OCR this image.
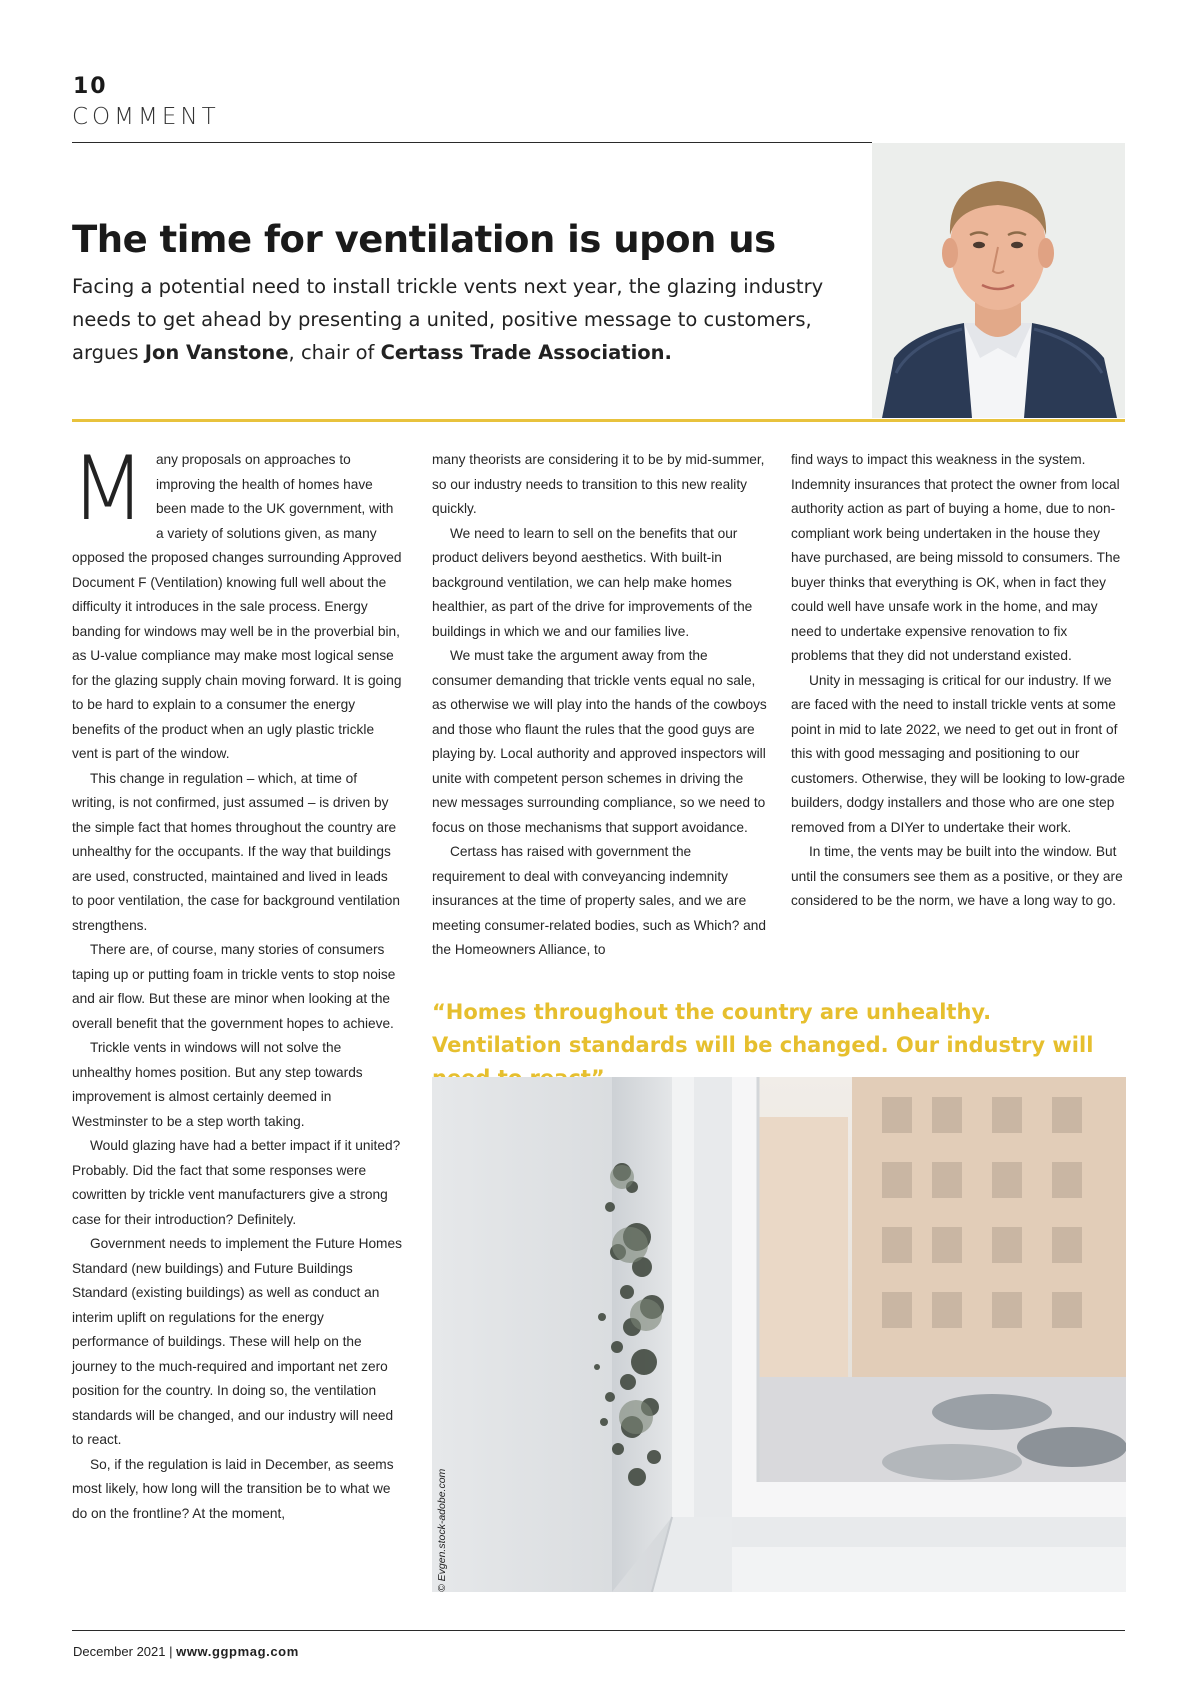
10
COMMENT
The time for ventilation is upon us
Facing a potential need to install trickle vents next year, the glazing industry needs to get ahead by presenting a united, positive message to customers, argues Jon Vanstone, chair of Certass Trade Association.

Many proposals on approaches to improving the health of homes have been made to the UK government, with a variety of solutions given, as many opposed the proposed changes surrounding Approved Document F (Ventilation) knowing full well about the difficulty it introduces in the sale process. Energy banding for windows may well be in the proverbial bin, as U-value compliance may make most logical sense for the glazing supply chain moving forward. It is going to be hard to explain to a consumer the energy benefits of the product when an ugly plastic trickle vent is part of the window.

This change in regulation – which, at time of writing, is not confirmed, just assumed – is driven by the simple fact that homes throughout the country are unhealthy for the occupants. If the way that buildings are used, constructed, maintained and lived in leads to poor ventilation, the case for background ventilation strengthens.

There are, of course, many stories of consumers taping up or putting foam in trickle vents to stop noise and air flow. But these are minor when looking at the overall benefit that the government hopes to achieve.

Trickle vents in windows will not solve the unhealthy homes position. But any step towards improvement is almost certainly deemed in Westminster to be a step worth taking.

Would glazing have had a better impact if it united? Probably. Did the fact that some responses were cowritten by trickle vent manufacturers give a strong case for their introduction? Definitely.

Government needs to implement the Future Homes Standard (new buildings) and Future Buildings Standard (existing buildings) as well as conduct an interim uplift on regulations for the energy performance of buildings. These will help on the journey to the much-required and important net zero position for the country. In doing so, the ventilation standards will be changed, and our industry will need to react.

So, if the regulation is laid in December, as seems most likely, how long will the transition be to what we do on the frontline? At the moment,

many theorists are considering it to be by mid-summer, so our industry needs to transition to this new reality quickly.

We need to learn to sell on the benefits that our product delivers beyond aesthetics. With built-in background ventilation, we can help make homes healthier, as part of the drive for improvements of the buildings in which we and our families live.

We must take the argument away from the consumer demanding that trickle vents equal no sale, as otherwise we will play into the hands of the cowboys and those who flaunt the rules that the good guys are playing by. Local authority and approved inspectors will unite with competent person schemes in driving the new messages surrounding compliance, so we need to focus on those mechanisms that support avoidance.

Certass has raised with government the requirement to deal with conveyancing indemnity insurances at the time of property sales, and we are meeting consumer-related bodies, such as Which? and the Homeowners Alliance, to

find ways to impact this weakness in the system. Indemnity insurances that protect the owner from local authority action as part of buying a home, due to non-compliant work being undertaken in the house they have purchased, are being missold to consumers. The buyer thinks that everything is OK, when in fact they could well have unsafe work in the home, and may need to undertake expensive renovation to fix problems that they did not understand existed.

Unity in messaging is critical for our industry. If we are faced with the need to install trickle vents at some point in mid to late 2022, we need to get out in front of this with good messaging and positioning to our customers. Otherwise, they will be looking to low-grade builders, dodgy installers and those who are one step removed from a DIYer to undertake their work.

In time, the vents may be built into the window. But until the consumers see them as a positive, or they are considered to be the norm, we have a long way to go.

“Homes throughout the country are unhealthy. Ventilation standards will be changed. Our industry will
© Evgen.stock-adobe.com
December 2021 | www.ggpmag.com
